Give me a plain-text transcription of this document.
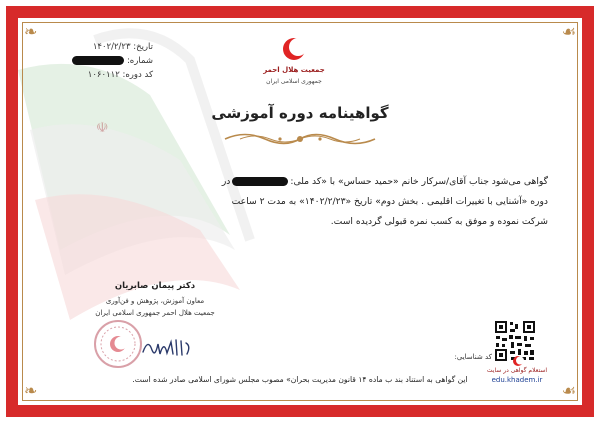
☫
❧	☙
❧	☙
تاریخ: ۱۴۰۲/۲/۲۳
شماره:
کد دوره: ۱۰۶۰۱۱۲	جمعیت هلال احمر
جمهوری اسلامی ایران
گواهینامه دوره آموزشی
گواهی می‌شود جناب آقای/سرکار خانم «حمید حساس» با «کد ملی:در
دوره «آشنایی با تغییرات اقلیمی . بخش دوم» تاریخ «۱۴۰۲/۲/۲۳» به مدت ۲ ساعت
شرکت نموده و موفق به کسب نمره قبولی گردیده است.
دکتر پیمان صابریان
معاون آموزش، پژوهش و فن‌آوری
جمعیت هلال احمر جمهوری اسلامی ایران
کد شناسایی:
استعلام گواهی در سایت
edu.khadem.ir
این گواهی به استناد بند ب ماده ۱۴ قانون مدیریت بحران» مصوب مجلس شورای اسلامی صادر شده است.
